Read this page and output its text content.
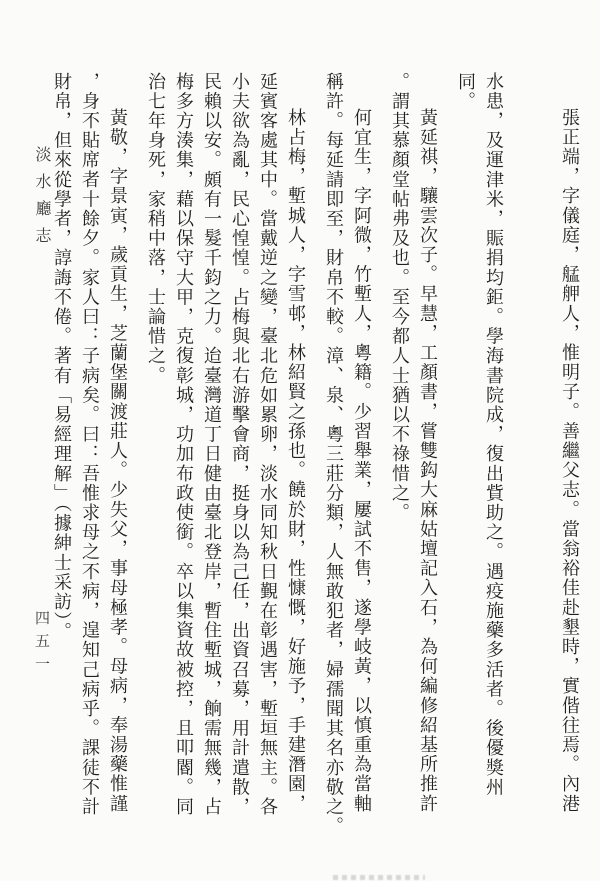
張正端，字儀庭，艋舺人，惟明子。善繼父志。當翁裕佳赴墾時，實偕往焉。內港
水患，及運津米，賑捐均鉅。學海書院成，復出貲助之。遇疫施藥多活者。後優獎州
同。
黃延祺，驤雲次子。早慧，工顏書，嘗雙鈎大麻姑壇記入石，為何編修紹基所推許
。謂其慕顏堂帖弗及也。至今都人士猶以不祿惜之。
何宜生，字阿微，竹塹人，粵籍。少習舉業，屢試不售，遂學岐黃，以慎重為當軸
稱許。每延請即至，財帛不較。漳、泉、粵三莊分類，人無敢犯者，婦孺聞其名亦敬之。
林占梅，塹城人，字雪邨，林紹賢之孫也。饒於財，性慷慨，好施予，手建潛園，
延賓客處其中。當戴逆之變，臺北危如累卵，淡水同知秋日覲在彰遇害，塹垣無主。各
小夫欲為亂，民心惶惶。占梅與北右游擊會商，挺身以為己任，出資召募，用計遣散，
民賴以安。頗有一髮千鈞之力。迨臺灣道丁日健由臺北登岸，暫住塹城，餉需無幾，占
梅多方湊集，藉以保守大甲，克復彰城，功加布政使銜。卒以集資故被控，且叩閽。同
治七年身死，家稍中落，士論惜之。
黃敬，字景寅，歲貢生，芝蘭堡關渡莊人。少失父，事母極孝。母病，奉湯藥惟謹
，身不貼席者十餘夕。家人曰：子病矣。曰：吾惟求母之不病，遑知己病乎。課徒不計
財帛，但來從學者，諄誨不倦。著有「易經理解」（據紳士采訪）。
淡水廳志
四五一
